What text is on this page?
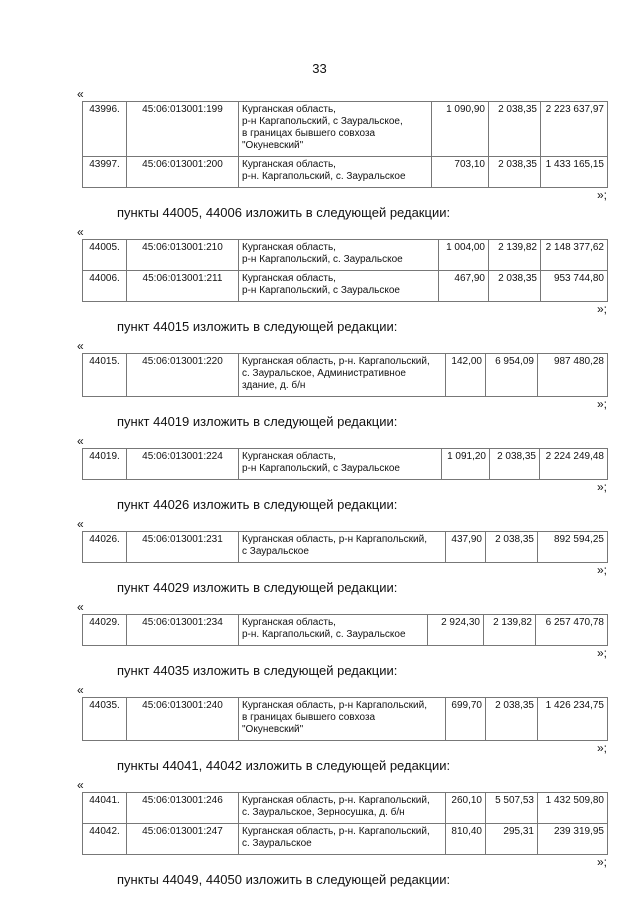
33
«
43996.	45:06:013001:199	Курганская область,
р-н Каргапольский, с Зауральское,
в границах бывшего совхоза
"Окуневский"	1 090,90	2 038,35	2 223 637,97
43997.	45:06:013001:200	Курганская область,
р-н. Каргапольский, с. Зауральское	703,10	2 038,35	1 433 165,15
»;
пункты 44005, 44006 изложить в следующей редакции:
«
44005.	45:06:013001:210	Курганская область,
р-н Каргапольский, с. Зауральское	1 004,00	2 139,82	2 148 377,62
44006.	45:06:013001:211	Курганская область,
р-н Каргапольский, с Зауральское	467,90	2 038,35	953 744,80
»;
пункт 44015 изложить в следующей редакции:
«
44015.	45:06:013001:220	Курганская область, р-н. Каргапольский,
с. Зауральское, Административное
здание, д. б/н	142,00	6 954,09	987 480,28
»;
пункт 44019 изложить в следующей редакции:
«
44019.	45:06:013001:224	Курганская область,
р-н Каргапольский, с Зауральское	1 091,20	2 038,35	2 224 249,48
»;
пункт 44026 изложить в следующей редакции:
«
44026.	45:06:013001:231	Курганская область, р-н Каргапольский,
с Зауральское	437,90	2 038,35	892 594,25
»;
пункт 44029 изложить в следующей редакции:
«
44029.	45:06:013001:234	Курганская область,
р-н. Каргапольский, с. Зауральское	2 924,30	2 139,82	6 257 470,78
»;
пункт 44035 изложить в следующей редакции:
«
44035.	45:06:013001:240	Курганская область, р-н Каргапольский,
в границах бывшего совхоза
"Окуневский"	699,70	2 038,35	1 426 234,75
»;
пункты 44041, 44042 изложить в следующей редакции:
«
44041.	45:06:013001:246	Курганская область, р-н. Каргапольский,
с. Зауральское, Зерносушка, д. б/н	260,10	5 507,53	1 432 509,80
44042.	45:06:013001:247	Курганская область, р-н. Каргапольский,
с. Зауральское	810,40	295,31	239 319,95
»;
пункты 44049, 44050 изложить в следующей редакции:
